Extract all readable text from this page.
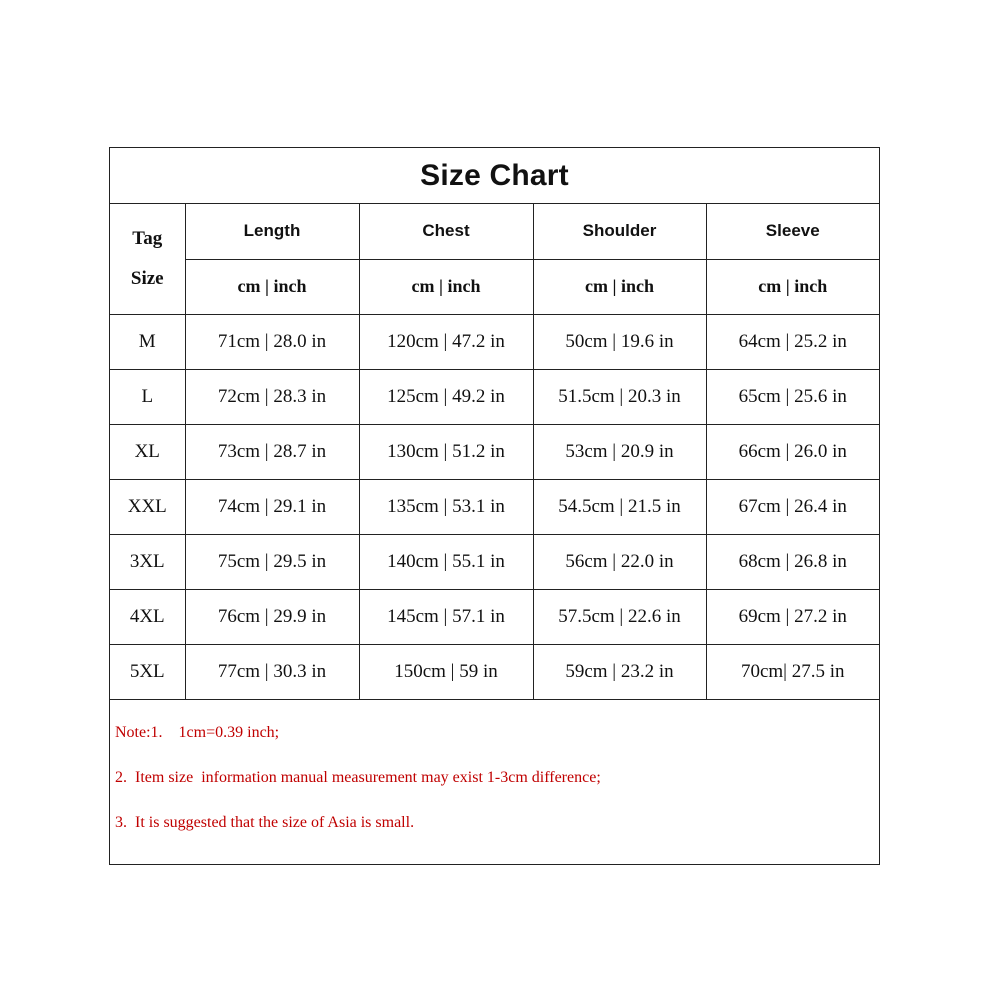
Size Chart
Tag
Size	Length	Chest	Shoulder	Sleeve
	cm | inch	cm | inch	cm | inch	cm | inch
M	71cm | 28.0 in	120cm | 47.2 in	50cm | 19.6 in	64cm | 25.2 in
L	72cm | 28.3 in	125cm | 49.2 in	51.5cm | 20.3 in	65cm | 25.6 in
XL	73cm | 28.7 in	130cm | 51.2 in	53cm | 20.9 in	66cm | 26.0 in
XXL	74cm | 29.1 in	135cm | 53.1 in	54.5cm | 21.5 in	67cm | 26.4 in
3XL	75cm | 29.5 in	140cm | 55.1 in	56cm | 22.0 in	68cm | 26.8 in
4XL	76cm | 29.9 in	145cm | 57.1 in	57.5cm | 22.6 in	69cm | 27.2 in
5XL	77cm | 30.3 in	150cm | 59 in	59cm | 23.2 in	70cm| 27.5 in
Note:1.    1cm=0.39 inch;
2.  Item size  information manual measurement may exist 1-3cm difference;
3.  It is suggested that the size of Asia is small.
